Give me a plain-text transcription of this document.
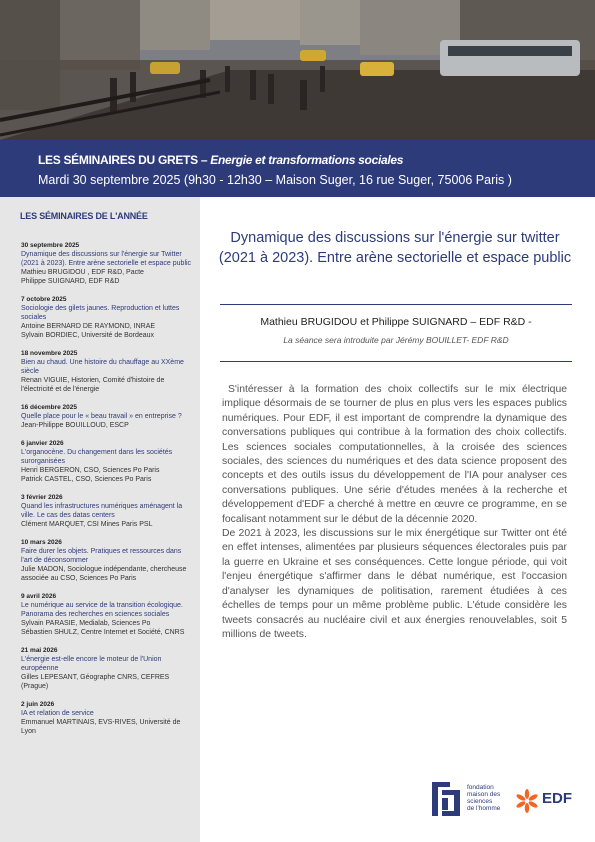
LES SÉMINAIRES DU GRETS – Energie et transformations sociales
Mardi 30 septembre 2025 (9h30 - 12h30 – Maison Suger, 16 rue Suger, 75006 Paris )
LES SÉMINAIRES DE L'ANNÉE
30 septembre 2025
Dynamique des discussions sur l'énergie sur Twitter (2021 à 2023). Entre arène sectorielle et espace public
Mathieu BRUGIDOU , EDF R&D, Pacte
Philippe SUIGNARD, EDF R&D
7 octobre 2025
Sociologie des gilets jaunes. Reproduction et luttes sociales
Antoine BERNARD DE RAYMOND, INRAE
Sylvain BORDIEC, Université de Bordeaux
18 novembre 2025
Bien au chaud. Une histoire du chauffage au XXème siècle
Renan VIGUIE, Historien, Comité d'histoire de l'électricité et de l'énergie
16 décembre 2025
Quelle place pour le « beau travail » en entreprise ?
Jean-Philippe BOUILLOUD, ESCP
6 janvier 2026
L'organocène. Du changement dans les sociétés surorganisées
Henri BERGERON, CSO, Sciences Po Paris
Patrick CASTEL, CSO, Sciences Po Paris
3 février 2026
Quand les infrastructures numériques aménagent la ville. Le cas des datas centers
Clément MARQUET, CSI Mines Paris PSL
10 mars 2026
Faire durer les objets. Pratiques et ressources dans l'art de déconsommer
Julie MADON, Sociologue indépendante, chercheuse associée au CSO, Sciences Po Paris
9 avril 2026
Le numérique au service de la transition écologique. Panorama des recherches en sciences sociales
Sylvain PARASIE, Medialab, Sciences Po
Sébastien SHULZ, Centre Internet et Société, CNRS
21 mai 2026
L'énergie est-elle encore le moteur de l'Union européenne
Gilles LEPESANT, Géographe CNRS, CEFRES (Prague)
2 juin 2026
IA et relation de service
Emmanuel MARTINAIS, EVS-RIVES, Université de Lyon
Dynamique des discussions sur l'énergie sur twitter (2021 à 2023). Entre arène sectorielle et espace public
Mathieu BRUGIDOU et Philippe SUIGNARD – EDF R&D -
La séance sera introduite par Jérémy BOUILLET- EDF R&D

S'intéresser à la formation des choix collectifs sur le mix électrique implique désormais de se tourner de plus en plus vers les espaces publics numériques. Pour EDF, il est important de comprendre la dynamique des conversations publiques qui contribue à la formation des choix collectifs. Les sciences sociales computationnelles, à la croisée des sciences sociales, des sciences du numériques et des data science proposent des concepts et des outils issus du développement de l'IA pour analyser ces conversations publiques. Une série d'études menées à la recherche et développement d'EDF a cherché à mettre en œuvre ce programme, en se focalisant notamment sur le début de la décennie 2020.

De 2021 à 2023, les discussions sur le mix énergétique sur Twitter ont été en effet intenses, alimentées par plusieurs séquences électorales puis par la guerre en Ukraine et ses conséquences. Cette longue période, qui voit l'enjeu énergétique s'affirmer dans le débat numérique, est l'occasion d'analyser les dynamiques de politisation, rarement étudiées à ces échelles de temps pour un même problème public. L'étude considère les tweets consacrés au nucléaire civil et aux énergies renouvelables, soit 5 millions de tweets.

fondation
maison des
sciences
de l'homme
EDF
